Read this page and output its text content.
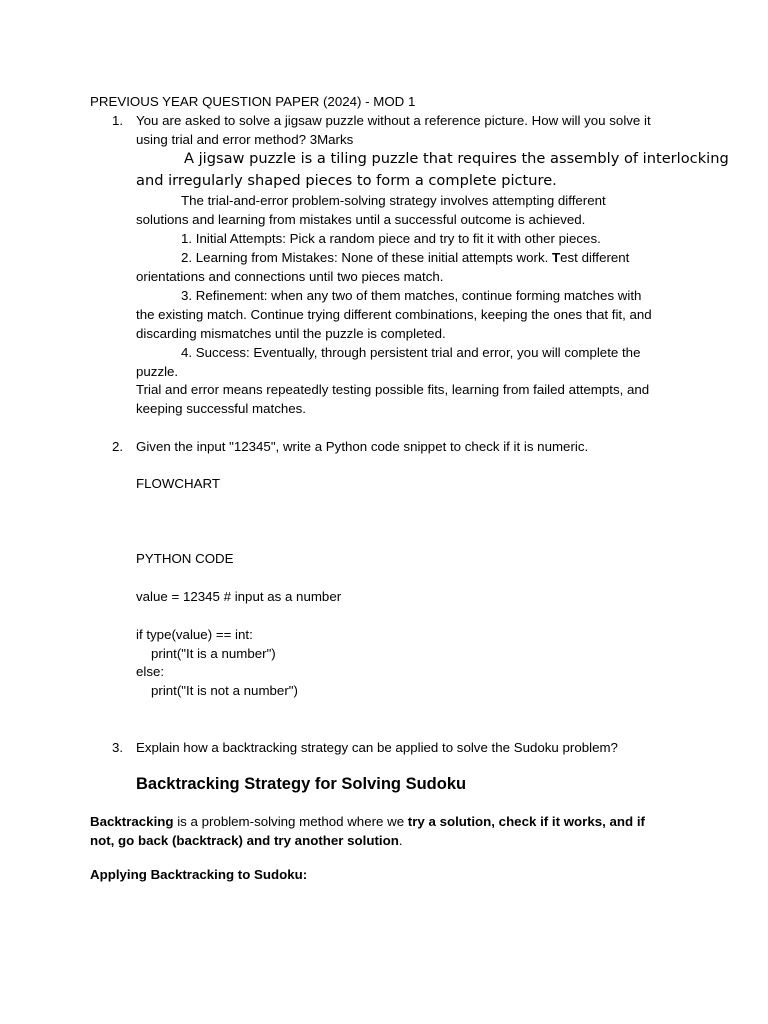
PREVIOUS YEAR QUESTION PAPER (2024) - MOD 1
1. You are asked to solve a jigsaw puzzle without a reference picture. How will you solve it
using trial and error method? 3Marks
A jigsaw puzzle is a tiling puzzle that requires the assembly of interlocking
and irregularly shaped pieces to form a complete picture.
The trial-and-error problem-solving strategy involves attempting different
solutions and learning from mistakes until a successful outcome is achieved.
1. Initial Attempts: Pick a random piece and try to fit it with other pieces.
2. Learning from Mistakes: None of these initial attempts work. Test different
orientations and connections until two pieces match.
3. Refinement: when any two of them matches, continue forming matches with
the existing match. Continue trying different combinations, keeping the ones that fit, and
discarding mismatches until the puzzle is completed.
4. Success: Eventually, through persistent trial and error, you will complete the
puzzle.
Trial and error means repeatedly testing possible fits, learning from failed attempts, and
keeping successful matches.
2. Given the input "12345", write a Python code snippet to check if it is numeric.
FLOWCHART
PYTHON CODE
value = 12345 # input as a number
if type(value) == int:
print("It is a number")
else:
print("It is not a number")
3. Explain how a backtracking strategy can be applied to solve the Sudoku problem?
Backtracking Strategy for Solving Sudoku
Backtracking is a problem-solving method where we try a solution, check if it works, and if
not, go back (backtrack) and try another solution.
Applying Backtracking to Sudoku:
